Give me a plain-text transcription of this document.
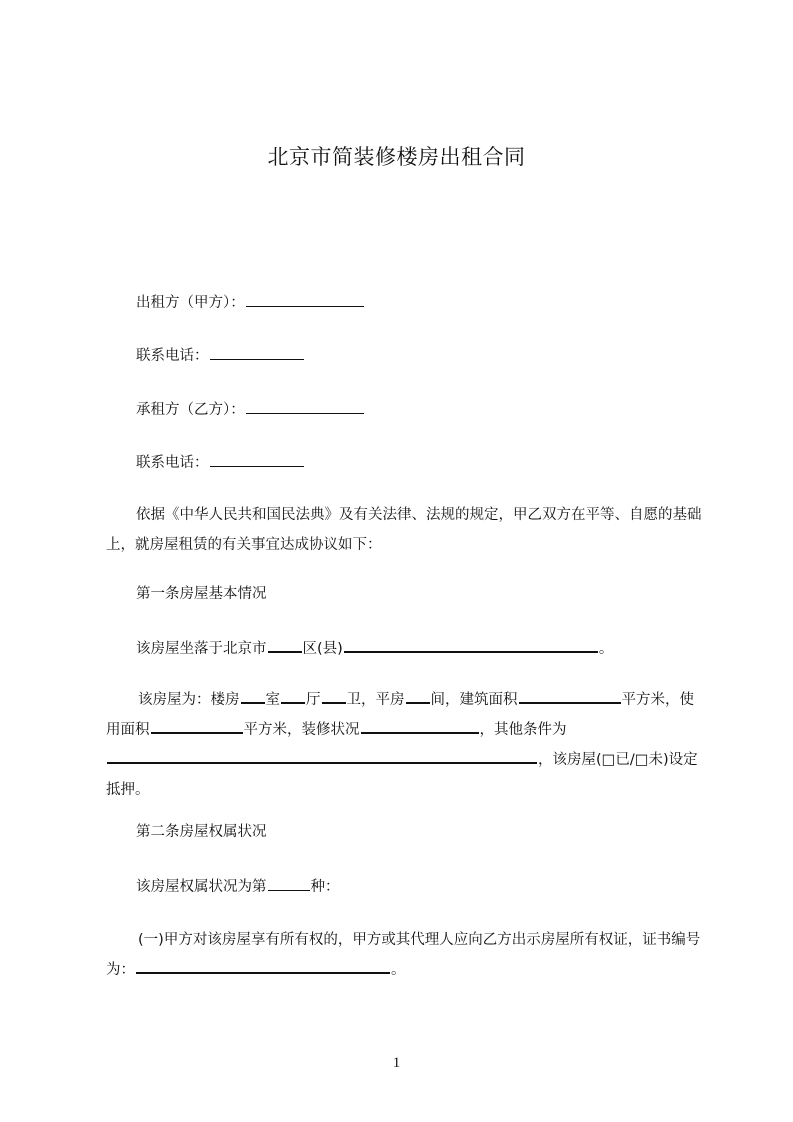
北京市简装修楼房出租合同
出租方（甲方）：
联系电话：
承租方（乙方）：
联系电话：
依据《中华人民共和国民法典》及有关法律、法规的规定，甲乙双方在平等、自愿的基础上，就房屋租赁的有关事宜达成协议如下：
第一条房屋基本情况
该房屋坐落于北京市 区(县)	。
该房屋为：楼房 室 厅 卫，平房 间，建筑面积	平方米，使用面积	平方米，装修状况	，其他条件为，该房屋(□已/□未)设定抵押。
第二条房屋权属状况
该房屋权属状况为第	种：
(一)甲方对该房屋享有所有权的，甲方或其代理人应向乙方出示房屋所有权证，证书编号为：	。
1
